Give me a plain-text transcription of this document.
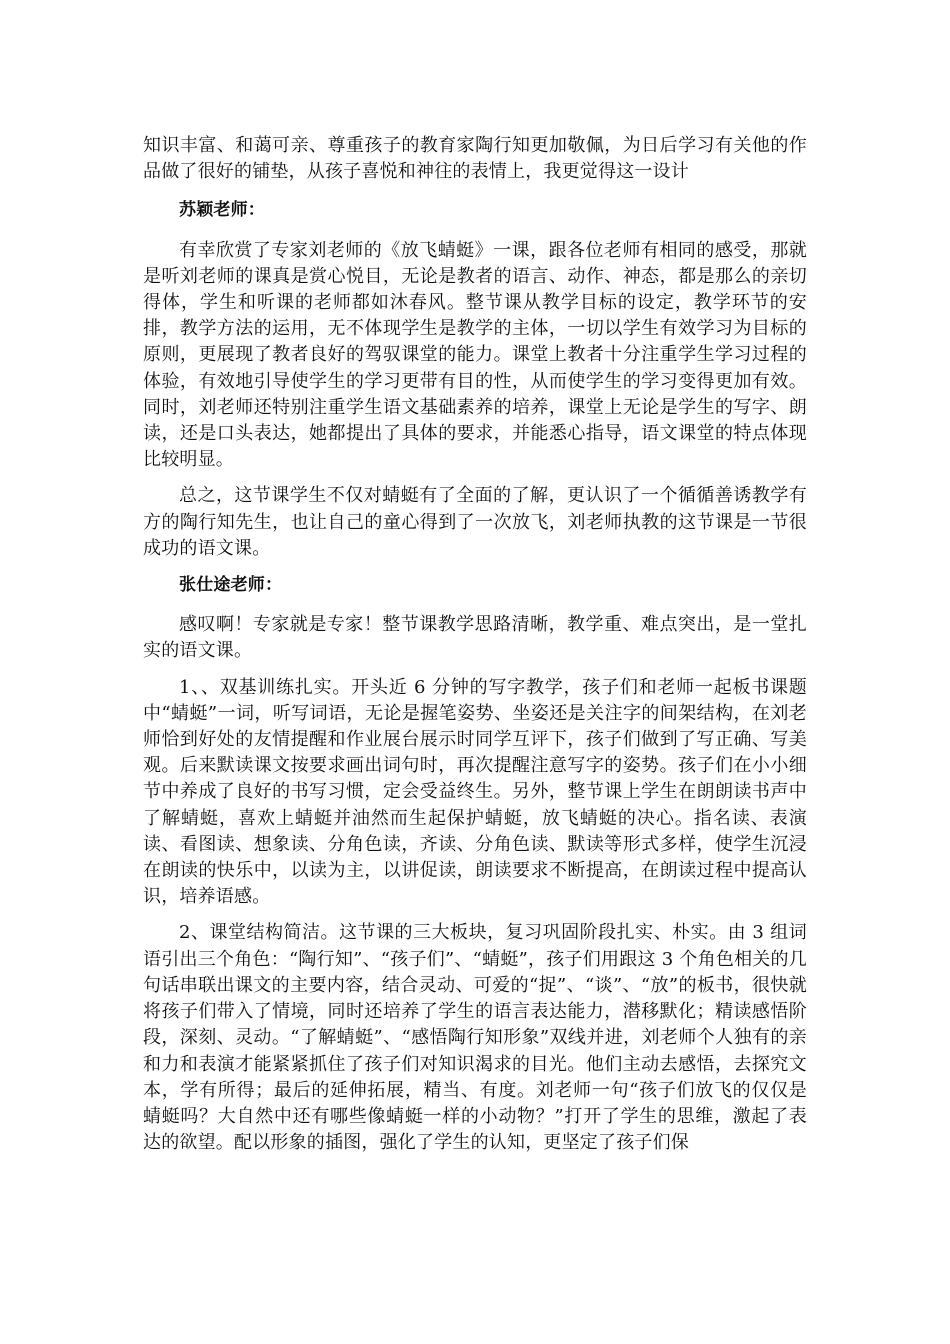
知识丰富、和蔼可亲、尊重孩子的教育家陶行知更加敬佩，为日后学习有关他的作品做了很好的铺垫，从孩子喜悦和神往的表情上，我更觉得这一设计

苏颖老师：

有幸欣赏了专家刘老师的《放飞蜻蜓》一课，跟各位老师有相同的感受，那就是听刘老师的课真是赏心悦目，无论是教者的语言、动作、神态，都是那么的亲切得体，学生和听课的老师都如沐春风。整节课从教学目标的设定，教学环节的安排，教学方法的运用，无不体现学生是教学的主体，一切以学生有效学习为目标的原则，更展现了教者良好的驾驭课堂的能力。课堂上教者十分注重学生学习过程的体验，有效地引导使学生的学习更带有目的性，从而使学生的学习变得更加有效。同时，刘老师还特别注重学生语文基础素养的培养，课堂上无论是学生的写字、朗读，还是口头表达，她都提出了具体的要求，并能悉心指导，语文课堂的特点体现比较明显。

总之，这节课学生不仅对蜻蜓有了全面的了解，更认识了一个循循善诱教学有方的陶行知先生，也让自己的童心得到了一次放飞，刘老师执教的这节课是一节很成功的语文课。

张仕途老师：

感叹啊！专家就是专家！整节课教学思路清晰，教学重、难点突出，是一堂扎实的语文课。

1、、双基训练扎实。开头近 6 分钟的写字教学，孩子们和老师一起板书课题中“蜻蜓”一词，听写词语，无论是握笔姿势、坐姿还是关注字的间架结构，在刘老师恰到好处的友情提醒和作业展台展示时同学互评下，孩子们做到了写正确、写美观。后来默读课文按要求画出词句时，再次提醒注意写字的姿势。孩子们在小小细节中养成了良好的书写习惯，定会受益终生。另外，整节课上学生在朗朗读书声中了解蜻蜓，喜欢上蜻蜓并油然而生起保护蜻蜓，放飞蜻蜓的决心。指名读、表演读、看图读、想象读、分角色读，齐读、分角色读、默读等形式多样，使学生沉浸在朗读的快乐中，以读为主，以讲促读，朗读要求不断提高，在朗读过程中提高认识，培养语感。

2、课堂结构简洁。这节课的三大板块，复习巩固阶段扎实、朴实。由 3 组词语引出三个角色：“陶行知”、“孩子们”、“蜻蜓”，孩子们用跟这 3 个角色相关的几句话串联出课文的主要内容，结合灵动、可爱的“捉”、“谈”、“放”的板书，很快就将孩子们带入了情境，同时还培养了学生的语言表达能力，潜移默化；精读感悟阶段，深刻、灵动。“了解蜻蜓”、“感悟陶行知形象”双线并进，刘老师个人独有的亲和力和表演才能紧紧抓住了孩子们对知识渴求的目光。他们主动去感悟，去探究文本，学有所得；最后的延伸拓展，精当、有度。刘老师一句“孩子们放飞的仅仅是蜻蜓吗？大自然中还有哪些像蜻蜓一样的小动物？”打开了学生的思维，激起了表达的欲望。配以形象的插图，强化了学生的认知，更坚定了孩子们保
